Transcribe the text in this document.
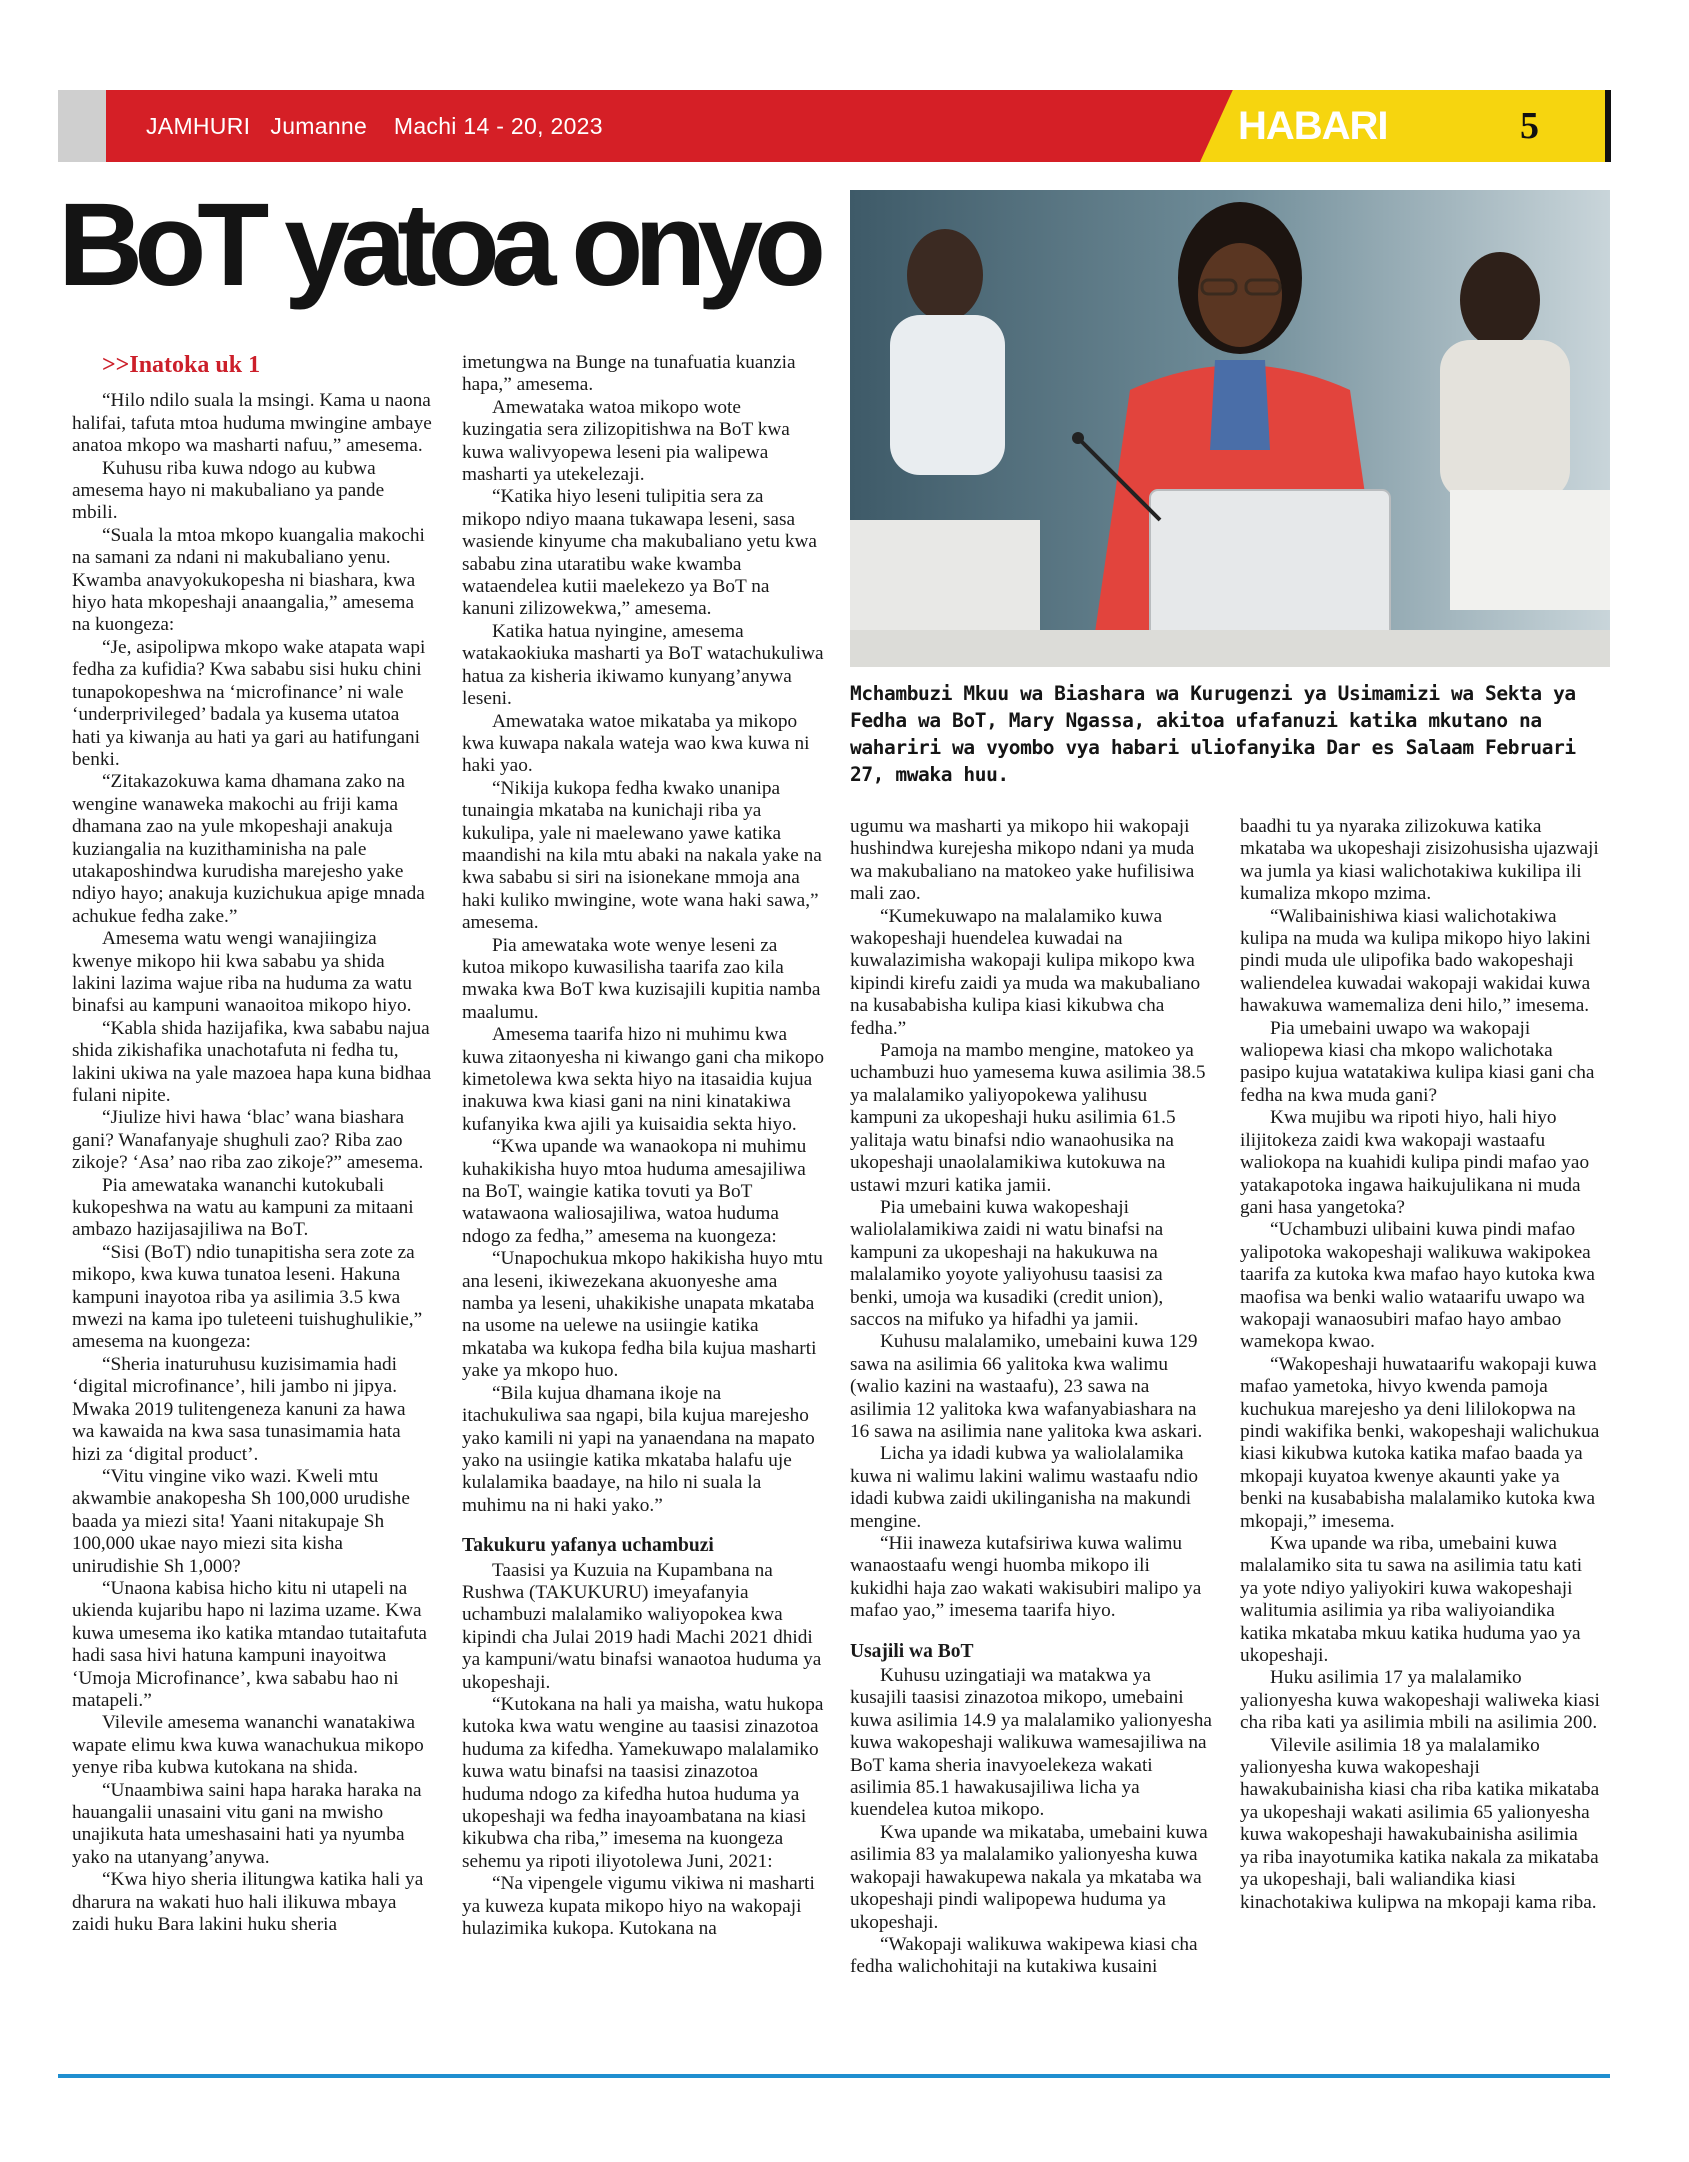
JAMHURI   Jumanne    Machi 14 - 20, 2023	HABARI	5
BoT yatoa onyo
Mchambuzi Mkuu wa Biashara wa Kurugenzi ya Usimamizi wa Sekta ya Fedha wa BoT, Mary Ngassa, akitoa ufafanuzi katika mkutano na wahariri wa vyombo vya habari uliofanyika Dar es Salaam Februari 27, mwaka huu.

>>Inatoka uk 1

“Hilo ndilo suala la msingi. Kama u naona halifai, tafuta mtoa huduma mwingine ambaye anatoa mkopo wa masharti nafuu,” amesema.

Kuhusu riba kuwa ndogo au kubwa amesema hayo ni makubaliano ya pande mbili.

“Suala la mtoa mkopo kuangalia makochi na samani za ndani ni makubaliano yenu. Kwamba anavyokukopesha ni biashara, kwa hiyo hata mkopeshaji anaangalia,” amesema na kuongeza:

“Je, asipolipwa mkopo wake atapata wapi fedha za kufidia? Kwa sababu sisi huku chini tunapokopeshwa na ‘microfinance’ ni wale ‘underprivileged’ badala ya kusema utatoa hati ya kiwanja au hati ya gari au hatifungani benki.

“Zitakazokuwa kama dhamana zako na wengine wanaweka makochi au friji kama dhamana zao na yule mkopeshaji anakuja kuziangalia na kuzithaminisha na pale utakaposhindwa kurudisha marejesho yake ndiyo hayo; anakuja kuzichukua apige mnada achukue fedha zake.”

Amesema watu wengi wanajiingiza kwenye mikopo hii kwa sababu ya shida lakini lazima wajue riba na huduma za watu binafsi au kampuni wanaoitoa mikopo hiyo.

“Kabla shida hazijafika, kwa sababu najua shida zikishafika unachotafuta ni fedha tu, lakini ukiwa na yale mazoea hapa kuna bidhaa fulani nipite.

“Jiulize hivi hawa ‘blac’ wana biashara gani? Wanafanyaje shughuli zao? Riba zao zikoje? ‘Asa’ nao riba zao zikoje?” amesema.

Pia amewataka wananchi kutokubali kukopeshwa na watu au kampuni za mitaani ambazo hazijasajiliwa na BoT.

“Sisi (BoT) ndio tunapitisha sera zote za mikopo, kwa kuwa tunatoa leseni. Hakuna kampuni inayotoa riba ya asilimia 3.5 kwa mwezi na kama ipo tuleteeni tuishughulikie,” amesema na kuongeza:

“Sheria inaturuhusu kuzisimamia hadi ‘digital microfinance’, hili jambo ni jipya. Mwaka 2019 tulitengeneza kanuni za hawa wa kawaida na kwa sasa tunasimamia hata hizi za ‘digital product’.

“Vitu vingine viko wazi. Kweli mtu akwambie anakopesha Sh 100,000 urudishe baada ya miezi sita! Yaani nitakupaje Sh 100,000 ukae nayo miezi sita kisha unirudishie Sh 1,000?

“Unaona kabisa hicho kitu ni utapeli na ukienda kujaribu hapo ni lazima uzame. Kwa kuwa umesema iko katika mtandao tutaitafuta hadi sasa hivi hatuna kampuni inayoitwa ‘Umoja Microfinance’, kwa sababu hao ni matapeli.”

Vilevile amesema wananchi wanatakiwa wapate elimu kwa kuwa wanachukua mikopo yenye riba kubwa kutokana na shida.

“Unaambiwa saini hapa haraka haraka na hauangalii unasaini vitu gani na mwisho unajikuta hata umeshasaini hati ya nyumba yako na utanyang’anywa.

“Kwa hiyo sheria ilitungwa katika hali ya dharura na wakati huo hali ilikuwa mbaya zaidi huku Bara lakini huku sheria

imetungwa na Bunge na tunafuatia kuanzia hapa,” amesema.

Amewataka watoa mikopo wote kuzingatia sera zilizopitishwa na BoT kwa kuwa walivyopewa leseni pia walipewa masharti ya utekelezaji.

“Katika hiyo leseni tulipitia sera za mikopo ndiyo maana tukawapa leseni, sasa wasiende kinyume cha makubaliano yetu kwa sababu zina utaratibu wake kwamba wataendelea kutii maelekezo ya BoT na kanuni zilizowekwa,” amesema.

Katika hatua nyingine, amesema watakaokiuka masharti ya BoT watachukuliwa hatua za kisheria ikiwamo kunyang’anywa leseni.

Amewataka watoe mikataba ya mikopo kwa kuwapa nakala wateja wao kwa kuwa ni haki yao.

“Nikija kukopa fedha kwako unanipa tunaingia mkataba na kunichaji riba ya kukulipa, yale ni maelewano yawe katika maandishi na kila mtu abaki na nakala yake na kwa sababu si siri na isionekane mmoja ana haki kuliko mwingine, wote wana haki sawa,” amesema.

Pia amewataka wote wenye leseni za kutoa mikopo kuwasilisha taarifa zao kila mwaka kwa BoT kwa kuzisajili kupitia namba maalumu.

Amesema taarifa hizo ni muhimu kwa kuwa zitaonyesha ni kiwango gani cha mikopo kimetolewa kwa sekta hiyo na itasaidia kujua inakuwa kwa kiasi gani na nini kinatakiwa kufanyika kwa ajili ya kuisaidia sekta hiyo.

“Kwa upande wa wanaokopa ni muhimu kuhakikisha huyo mtoa huduma amesajiliwa na BoT, waingie katika tovuti ya BoT watawaona waliosajiliwa, watoa huduma ndogo za fedha,” amesema na kuongeza:

“Unapochukua mkopo hakikisha huyo mtu ana leseni, ikiwezekana akuonyeshe ama namba ya leseni, uhakikishe unapata mkataba na usome na uelewe na usiingie katika mkataba wa kukopa fedha bila kujua masharti yake ya mkopo huo.

“Bila kujua dhamana ikoje na itachukuliwa saa ngapi, bila kujua marejesho yako kamili ni yapi na yanaendana na mapato yako na usiingie katika mkataba halafu uje kulalamika baadaye, na hilo ni suala la muhimu na ni haki yako.”

Takukuru yafanya uchambuzi

Taasisi ya Kuzuia na Kupambana na Rushwa (TAKUKURU) imeyafanyia uchambuzi malalamiko waliyopokea kwa kipindi cha Julai 2019 hadi Machi 2021 dhidi ya kampuni/watu binafsi wanaotoa huduma ya ukopeshaji.

“Kutokana na hali ya maisha, watu hukopa kutoka kwa watu wengine au taasisi zinazotoa huduma za kifedha. Yamekuwapo malalamiko kuwa watu binafsi na taasisi zinazotoa huduma ndogo za kifedha hutoa huduma ya ukopeshaji wa fedha inayoambatana na kiasi kikubwa cha riba,” imesema na kuongeza sehemu ya ripoti iliyotolewa Juni, 2021:

“Na vipengele vigumu vikiwa ni masharti ya kuweza kupata mikopo hiyo na wakopaji hulazimika kukopa. Kutokana na

ugumu wa masharti ya mikopo hii wakopaji hushindwa kurejesha mikopo ndani ya muda wa makubaliano na matokeo yake hufilisiwa mali zao.

“Kumekuwapo na malalamiko kuwa wakopeshaji huendelea kuwadai na kuwalazimisha wakopaji kulipa mikopo kwa kipindi kirefu zaidi ya muda wa makubaliano na kusababisha kulipa kiasi kikubwa cha fedha.”

Pamoja na mambo mengine, matokeo ya uchambuzi huo yamesema kuwa asilimia 38.5 ya malalamiko yaliyopokewa yalihusu kampuni za ukopeshaji huku asilimia 61.5 yalitaja watu binafsi ndio wanaohusika na ukopeshaji unaolalamikiwa kutokuwa na ustawi mzuri katika jamii.

Pia umebaini kuwa wakopeshaji waliolalamikiwa zaidi ni watu binafsi na kampuni za ukopeshaji na hakukuwa na malalamiko yoyote yaliyohusu taasisi za benki, umoja wa kusadiki (credit union), saccos na mifuko ya hifadhi ya jamii.

Kuhusu malalamiko, umebaini kuwa 129 sawa na asilimia 66 yalitoka kwa walimu (walio kazini na wastaafu), 23 sawa na asilimia 12 yalitoka kwa wafanyabiashara na 16 sawa na asilimia nane yalitoka kwa askari.

Licha ya idadi kubwa ya waliolalamika kuwa ni walimu lakini walimu wastaafu ndio idadi kubwa zaidi ukilinganisha na makundi mengine.

“Hii inaweza kutafsiriwa kuwa walimu wanaostaafu wengi huomba mikopo ili kukidhi haja zao wakati wakisubiri malipo ya mafao yao,” imesema taarifa hiyo.

Usajili wa BoT

Kuhusu uzingatiaji wa matakwa ya kusajili taasisi zinazotoa mikopo, umebaini kuwa asilimia 14.9 ya malalamiko yalionyesha kuwa wakopeshaji walikuwa wamesajiliwa na BoT kama sheria inavyoelekeza wakati asilimia 85.1 hawakusajiliwa licha ya kuendelea kutoa mikopo.

Kwa upande wa mikataba, umebaini kuwa asilimia 83 ya malalamiko yalionyesha kuwa wakopaji hawakupewa nakala ya mkataba wa ukopeshaji pindi walipopewa huduma ya ukopeshaji.

“Wakopaji walikuwa wakipewa kiasi cha fedha walichohitaji na kutakiwa kusaini

baadhi tu ya nyaraka zilizokuwa katika mkataba wa ukopeshaji zisizohusisha ujazwaji wa jumla ya kiasi walichotakiwa kukilipa ili kumaliza mkopo mzima.

“Walibainishiwa kiasi walichotakiwa kulipa na muda wa kulipa mikopo hiyo lakini pindi muda ule ulipofika bado wakopeshaji waliendelea kuwadai wakopaji wakidai kuwa hawakuwa wamemaliza deni hilo,” imesema.

Pia umebaini uwapo wa wakopaji waliopewa kiasi cha mkopo walichotaka pasipo kujua watatakiwa kulipa kiasi gani cha fedha na kwa muda gani?

Kwa mujibu wa ripoti hiyo, hali hiyo ilijitokeza zaidi kwa wakopaji wastaafu waliokopa na kuahidi kulipa pindi mafao yao yatakapotoka ingawa haikujulikana ni muda gani hasa yangetoka?

“Uchambuzi ulibaini kuwa pindi mafao yalipotoka wakopeshaji walikuwa wakipokea taarifa za kutoka kwa mafao hayo kutoka kwa maofisa wa benki walio wataarifu uwapo wa wakopaji wanaosubiri mafao hayo ambao wamekopa kwao.

“Wakopeshaji huwataarifu wakopaji kuwa mafao yametoka, hivyo kwenda pamoja kuchukua marejesho ya deni lililokopwa na pindi wakifika benki, wakopeshaji walichukua kiasi kikubwa kutoka katika mafao baada ya mkopaji kuyatoa kwenye akaunti yake ya benki na kusababisha malalamiko kutoka kwa mkopaji,” imesema.

Kwa upande wa riba, umebaini kuwa malalamiko sita tu sawa na asilimia tatu kati ya yote ndiyo yaliyokiri kuwa wakopeshaji walitumia asilimia ya riba waliyoiandika katika mkataba mkuu katika huduma yao ya ukopeshaji.

Huku asilimia 17 ya malalamiko yalionyesha kuwa wakopeshaji waliweka kiasi cha riba kati ya asilimia mbili na asilimia 200.

Vilevile asilimia 18 ya malalamiko yalionyesha kuwa wakopeshaji hawakubainisha kiasi cha riba katika mikataba ya ukopeshaji wakati asilimia 65 yalionyesha kuwa wakopeshaji hawakubainisha asilimia ya riba inayotumika katika nakala za mikataba ya ukopeshaji, bali waliandika kiasi kinachotakiwa kulipwa na mkopaji kama riba.
